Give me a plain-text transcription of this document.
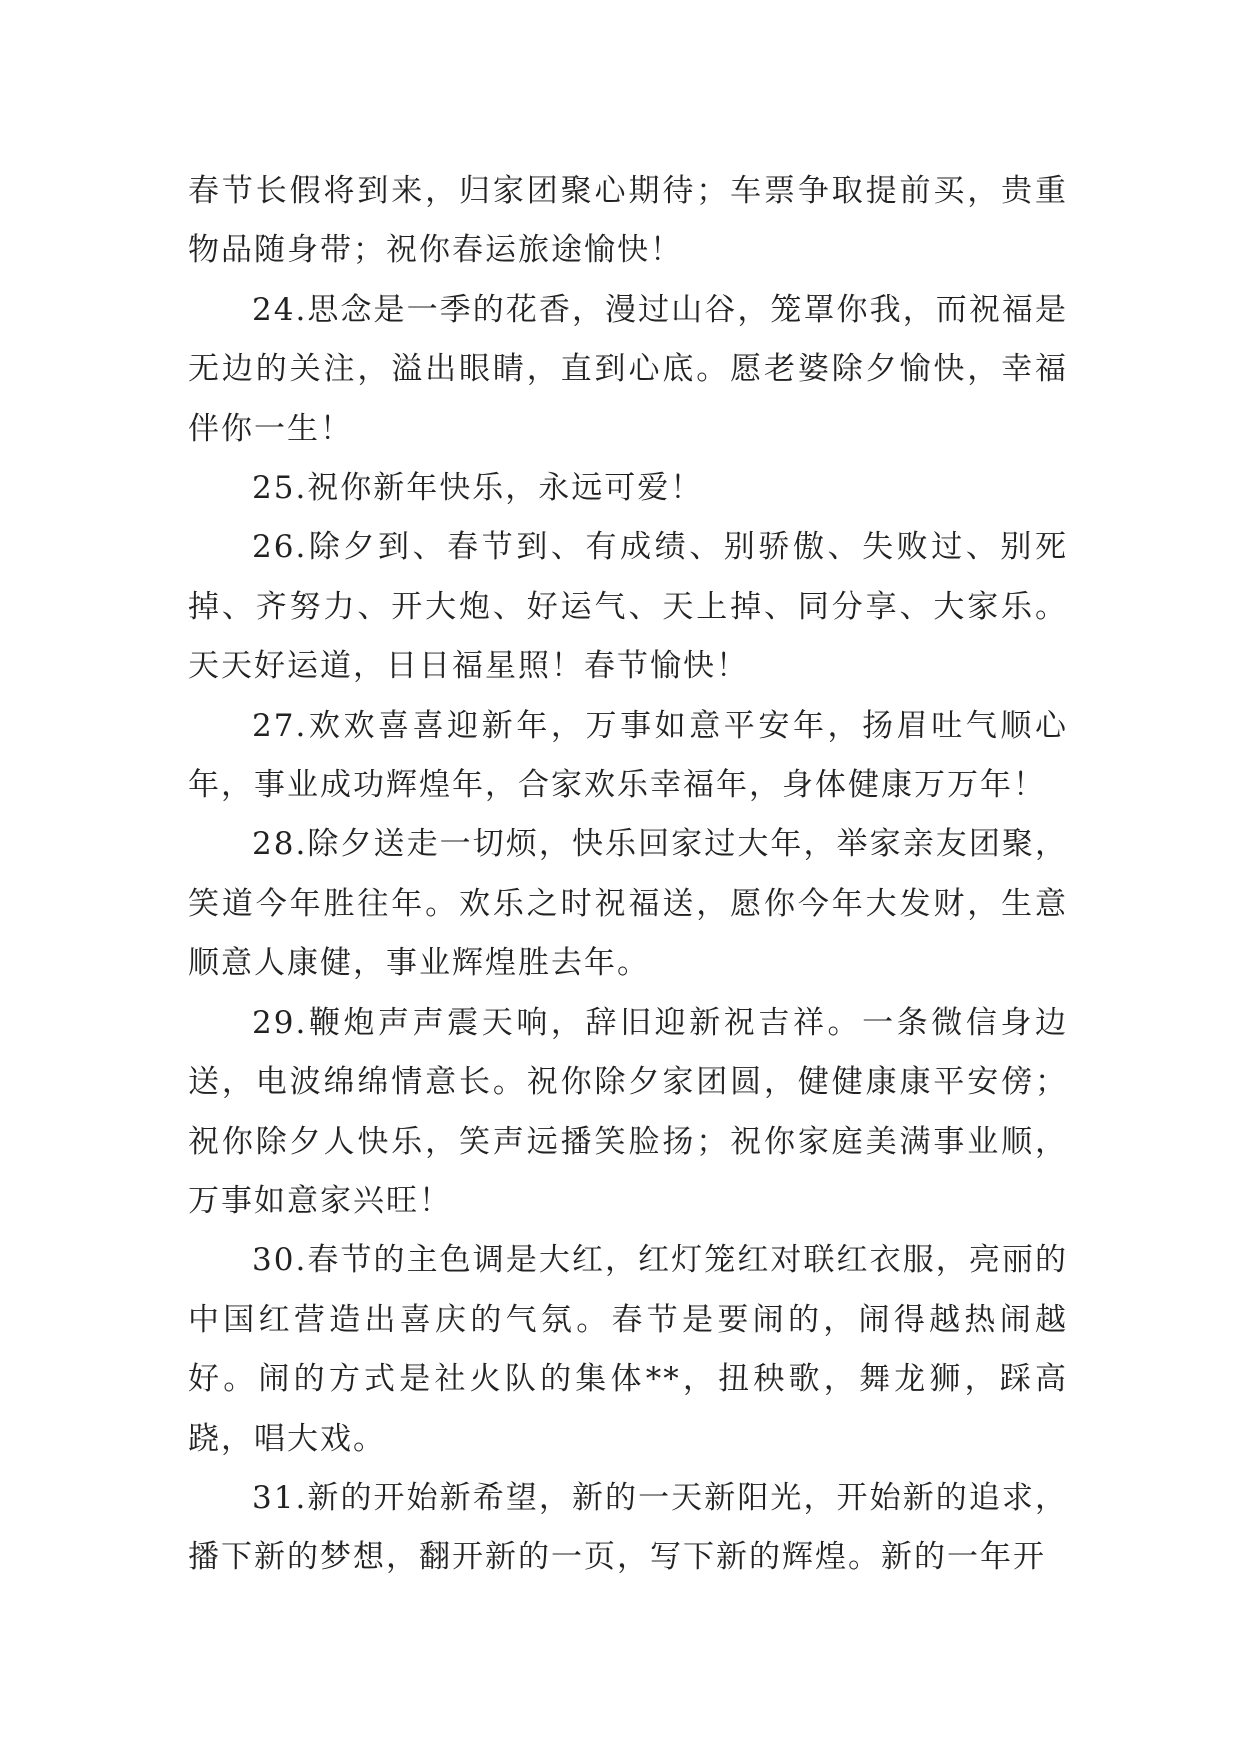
春节长假将到来，归家团聚心期待；车票争取提前买，贵重物品随身带；祝你春运旅途愉快！

24.思念是一季的花香，漫过山谷，笼罩你我，而祝福是无边的关注，溢出眼睛，直到心底。愿老婆除夕愉快，幸福伴你一生！

25.祝你新年快乐，永远可爱！

26.除夕到、春节到、有成绩、别骄傲、失败过、别死掉、齐努力、开大炮、好运气、天上掉、同分享、大家乐。天天好运道，日日福星照！春节愉快！

27.欢欢喜喜迎新年，万事如意平安年，扬眉吐气顺心年，事业成功辉煌年，合家欢乐幸福年，身体健康万万年！

28.除夕送走一切烦，快乐回家过大年，举家亲友团聚，笑道今年胜往年。欢乐之时祝福送，愿你今年大发财，生意顺意人康健，事业辉煌胜去年。

29.鞭炮声声震天响，辞旧迎新祝吉祥。一条微信身边送，电波绵绵情意长。祝你除夕家团圆，健健康康平安傍；祝你除夕人快乐，笑声远播笑脸扬；祝你家庭美满事业顺，万事如意家兴旺！

30.春节的主色调是大红，红灯笼红对联红衣服，亮丽的中国红营造出喜庆的气氛。春节是要闹的，闹得越热闹越好。闹的方式是社火队的集体**，扭秧歌，舞龙狮，踩高跷，唱大戏。

31.新的开始新希望，新的一天新阳光，开始新的追求，播下新的梦想，翻开新的一页，写下新的辉煌。新的一年开
